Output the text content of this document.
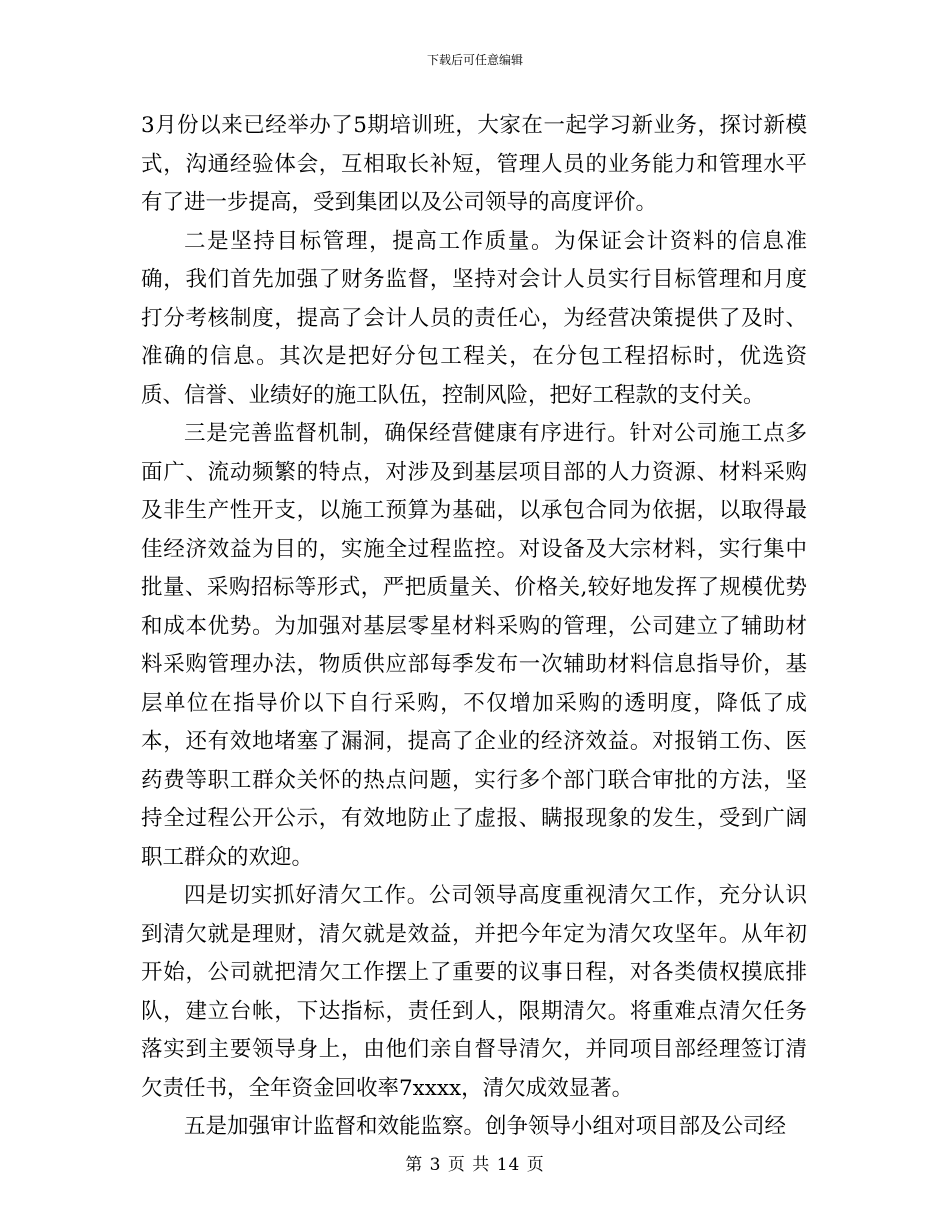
下载后可任意编辑

3月份以来已经举办了5期培训班，大家在一起学习新业务，探讨新模式，沟通经验体会，互相取长补短，管理人员的业务能力和管理水平有了进一步提高，受到集团以及公司领导的高度评价。

二是坚持目标管理，提高工作质量。为保证会计资料的信息准确，我们首先加强了财务监督，坚持对会计人员实行目标管理和月度打分考核制度，提高了会计人员的责任心，为经营决策提供了及时、准确的信息。其次是把好分包工程关，在分包工程招标时，优选资质、信誉、业绩好的施工队伍，控制风险，把好工程款的支付关。

三是完善监督机制，确保经营健康有序进行。针对公司施工点多面广、流动频繁的特点，对涉及到基层项目部的人力资源、材料采购及非生产性开支，以施工预算为基础，以承包合同为依据，以取得最佳经济效益为目的，实施全过程监控。对设备及大宗材料，实行集中批量、采购招标等形式，严把质量关、价格关,较好地发挥了规模优势和成本优势。为加强对基层零星材料采购的管理，公司建立了辅助材料采购管理办法，物质供应部每季发布一次辅助材料信息指导价，基层单位在指导价以下自行采购，不仅增加采购的透明度，降低了成本，还有效地堵塞了漏洞，提高了企业的经济效益。对报销工伤、医药费等职工群众关怀的热点问题，实行多个部门联合审批的方法，坚持全过程公开公示，有效地防止了虚报、瞒报现象的发生，受到广阔职工群众的欢迎。

四是切实抓好清欠工作。公司领导高度重视清欠工作，充分认识到清欠就是理财，清欠就是效益，并把今年定为清欠攻坚年。从年初开始，公司就把清欠工作摆上了重要的议事日程，对各类债权摸底排队，建立台帐，下达指标，责任到人，限期清欠。将重难点清欠任务落实到主要领导身上，由他们亲自督导清欠，并同项目部经理签订清欠责任书，全年资金回收率7xxxx，清欠成效显著。

五是加强审计监督和效能监察。创争领导小组对项目部及公司经

第 3 页 共 14 页
